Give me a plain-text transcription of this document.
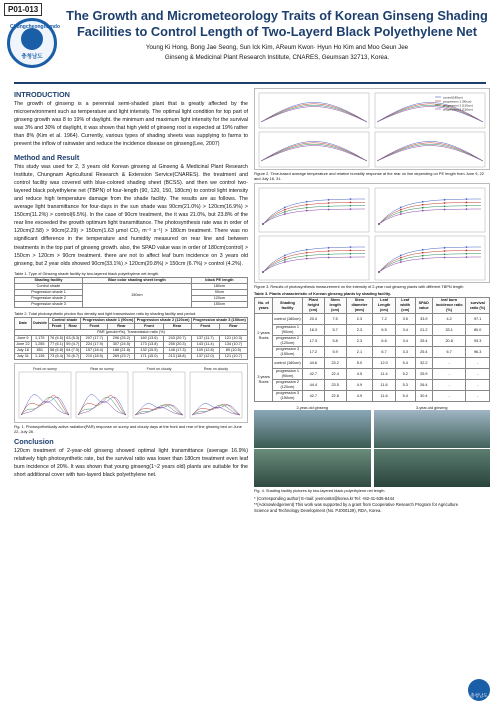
P01-013
Chungcheongnamdo
충청남도
The Growth and Micrometeorology Traits of Korean Ginseng Shading Facilities to Control Length of Two-Layerd Black Polyethylene Net
Young Ki Hong, Bong Jae Seong, Sun Ick Kim, AReum Kwon· Hyun Ho Kim and Moo Geun Jee
Ginseng & Medicinal Plant Research Institute, CNARES, Geumsan 32713, Korea.
INTRODUCTION
The growth of ginseng is a perennial semi-shaded plant that is greatly affected by the microenvironment such as temperature and light intensity. The optimal light condition for top part of ginseng growth was 8 to 19% of daylight. the minimum and maximum light intensity for the survival was 3% and 30% of daylight, it was shown that high yield of ginseng root is expected at 19% rather than 8% (Kim et al. 1964). Currently, various types of shading sheets was supplying to farms to prevent the inflow of rainwater and reduce the incidence disease on ginseng(Lee, 2007)
Method and Result
This study was used for 2, 3 years old Korean ginseng at Ginseng & Medicinal Plant Research Institute, Chungnam Agricultural Research & Extension Service(CNARES). the treatment and control facility was covered with blue-colored shading sheet (BCSS). and then we control two-layered black polyethylene net (TBPN) of four-length (90, 120, 150, 180cm) to control light intensity and reduce high temperature damage from the shade facility. The results are as follows. The average light transmittance for four-days in the sun shade was 90cm(21.0%) > 120cm(16.9%) > 150cm(11.2%) > control(6.5%). In the case of 90cm treatment, the it was 21.0%, but 23.8% of the rear line exceeded the growth optimum light transmittance. The photosynthesis rate was in order of 120cm(2.58) > 90cm(2.29) > 150cm(1.63 μmol CO₂ m⁻² s⁻¹) > 180cm treatment. There was no significant difference in the temperature and humidity measured on rear line and between treatments in the top part of ginseng growth. also, the SPAD value was in order of 180cm(control) > 150cm > 120cm > 90cm treatment. there are not to affect leaf burn incidence on 3 years old ginseng, but 2 year olds showed 90cm(33.1%) > 120cm(20.8%) > 150cm (6.7%) > control (4.2%).
Table 1. Type of Ginseng shade facility by two-layered black polyethylene net length.
Shading facility	Blue color shading sheet length	black PE length
Control shade	150cm	180cm
Progression shade 1		90cm
Progression shade 2		120cm
Progression shade 3		150cm
Table 2. Total photosynthetic photon flux density and light transmission ratio by shading facility and period.
Date	Outside	Control shade		Progression shade 1 (90cm)		Progression shade 2 (120cm)		Progression shade 3 (150cm)	
		Front	Rear	Front	Rear	Front	Rear	Front	Rear
PAR (μmol/m²/s), Transmission ratio (%)									
June 9	1,175	76 (6.5)	63 (5.3)	207 (17.7)	296 (25.2)	160 (13.6)	243 (20.7)	137 (11.7)	121 (10.3)
June 22	1,255	77 (6.1)	59 (4.7)	224 (17.9)	307 (24.5)	173 (13.8)	255 (20.3)	143 (11.4)	134 (10.7)
July 18	851	58 (6.8)	64 (7.5)	157 (18.4)	186 (21.8)	132 (15.5)	148 (17.3)	109 (12.8)	89 (10.5)
July 31	1,136	73 (6.4)	76 (6.7)	210 (18.5)	269 (23.7)	171 (15.0)	213 (18.8)	137 (12.0)	121 (10.7)
Front on sunny	Rear on sunny	Front on cloudy	Rear on cloudy
Fig. 1. Photosynthetically active radiation(PAR) response on sunny and cloudy days at the front and rear of line ginseng bed on June 22, July 28.
Conclusion
120cm treatment of 2-year-old ginseng showed optimal light transmittance (average 16.9%) relatively high photosynthetic rate, but the survival ratio was lower than 180cm treatment even leaf burn incidence of 20%. It was shown that young ginseng(1~2 years old) plants are suitable for the short additional cover with two-layerd black polyethylene net.
control(180cm)
progression 1 (90cm)
progression 2 (120cm)
progression 3 (150cm)
Figure 2. Time-based average temperature and relative humidity response at the rear on line depending on PE length from June 9, 22 and July 18, 31.
Figure 3. Results of photosynthesis measurement on the intensity of 2-year root ginseng plants with different TBPN length
Table 3. Plants characteristic of Korean ginseng plants by shading facility.
No. of years	Shading facility	Plant height (cm)	Stem length (cm)	Stem diameter (mm)	Leaf Length (cm)	Leaf width (cm)	SPAD value	leaf burn incidence ratio (%)	survival ratio (%)
2 years Roots	control (180cm)	20.4	7.5	2.3	7.2	3.5	33.9	4.2	97.1
	progression 1 (90cm)	16.3	5.7	2.3	6.5	3.4	21.2	33.1	80.0
	progression 2 (120cm)	17.3	5.8	2.3	6.6	3.4	25.4	20.8	93.3
	progression 3 (150cm)	17.2	5.9	2.1	6.7	3.3	25.4	6.7	96.3
3 years Roots	control (180cm)	44.6	23.2	5.0	12.0	5.4	32.2	-	-
	progression 1 (90cm)	42.7	22.4	4.5	11.4	5.2	25.9	-	-
	progression 2 (120cm)	44.4	23.5	4.9	11.6	5.3	26.4	-	-
	progression 3 (150cm)	42.7	22.8	4.9	11.6	5.4	30.4	-	-
2-year-old ginseng	3-year-old ginseng
Fig. 4. Shading facility pictures by two-layered black polyethylene net length.
* (Corresponding author) E-mail: jeemoo84@korea.kr Tel: +82-41-635-6444
**(Acknowledgement) This work was supported by a grant from Cooperative Research Program for Agriculture Science and Technology Development (No. PJ000129), RDA, Korea.
충청남도
